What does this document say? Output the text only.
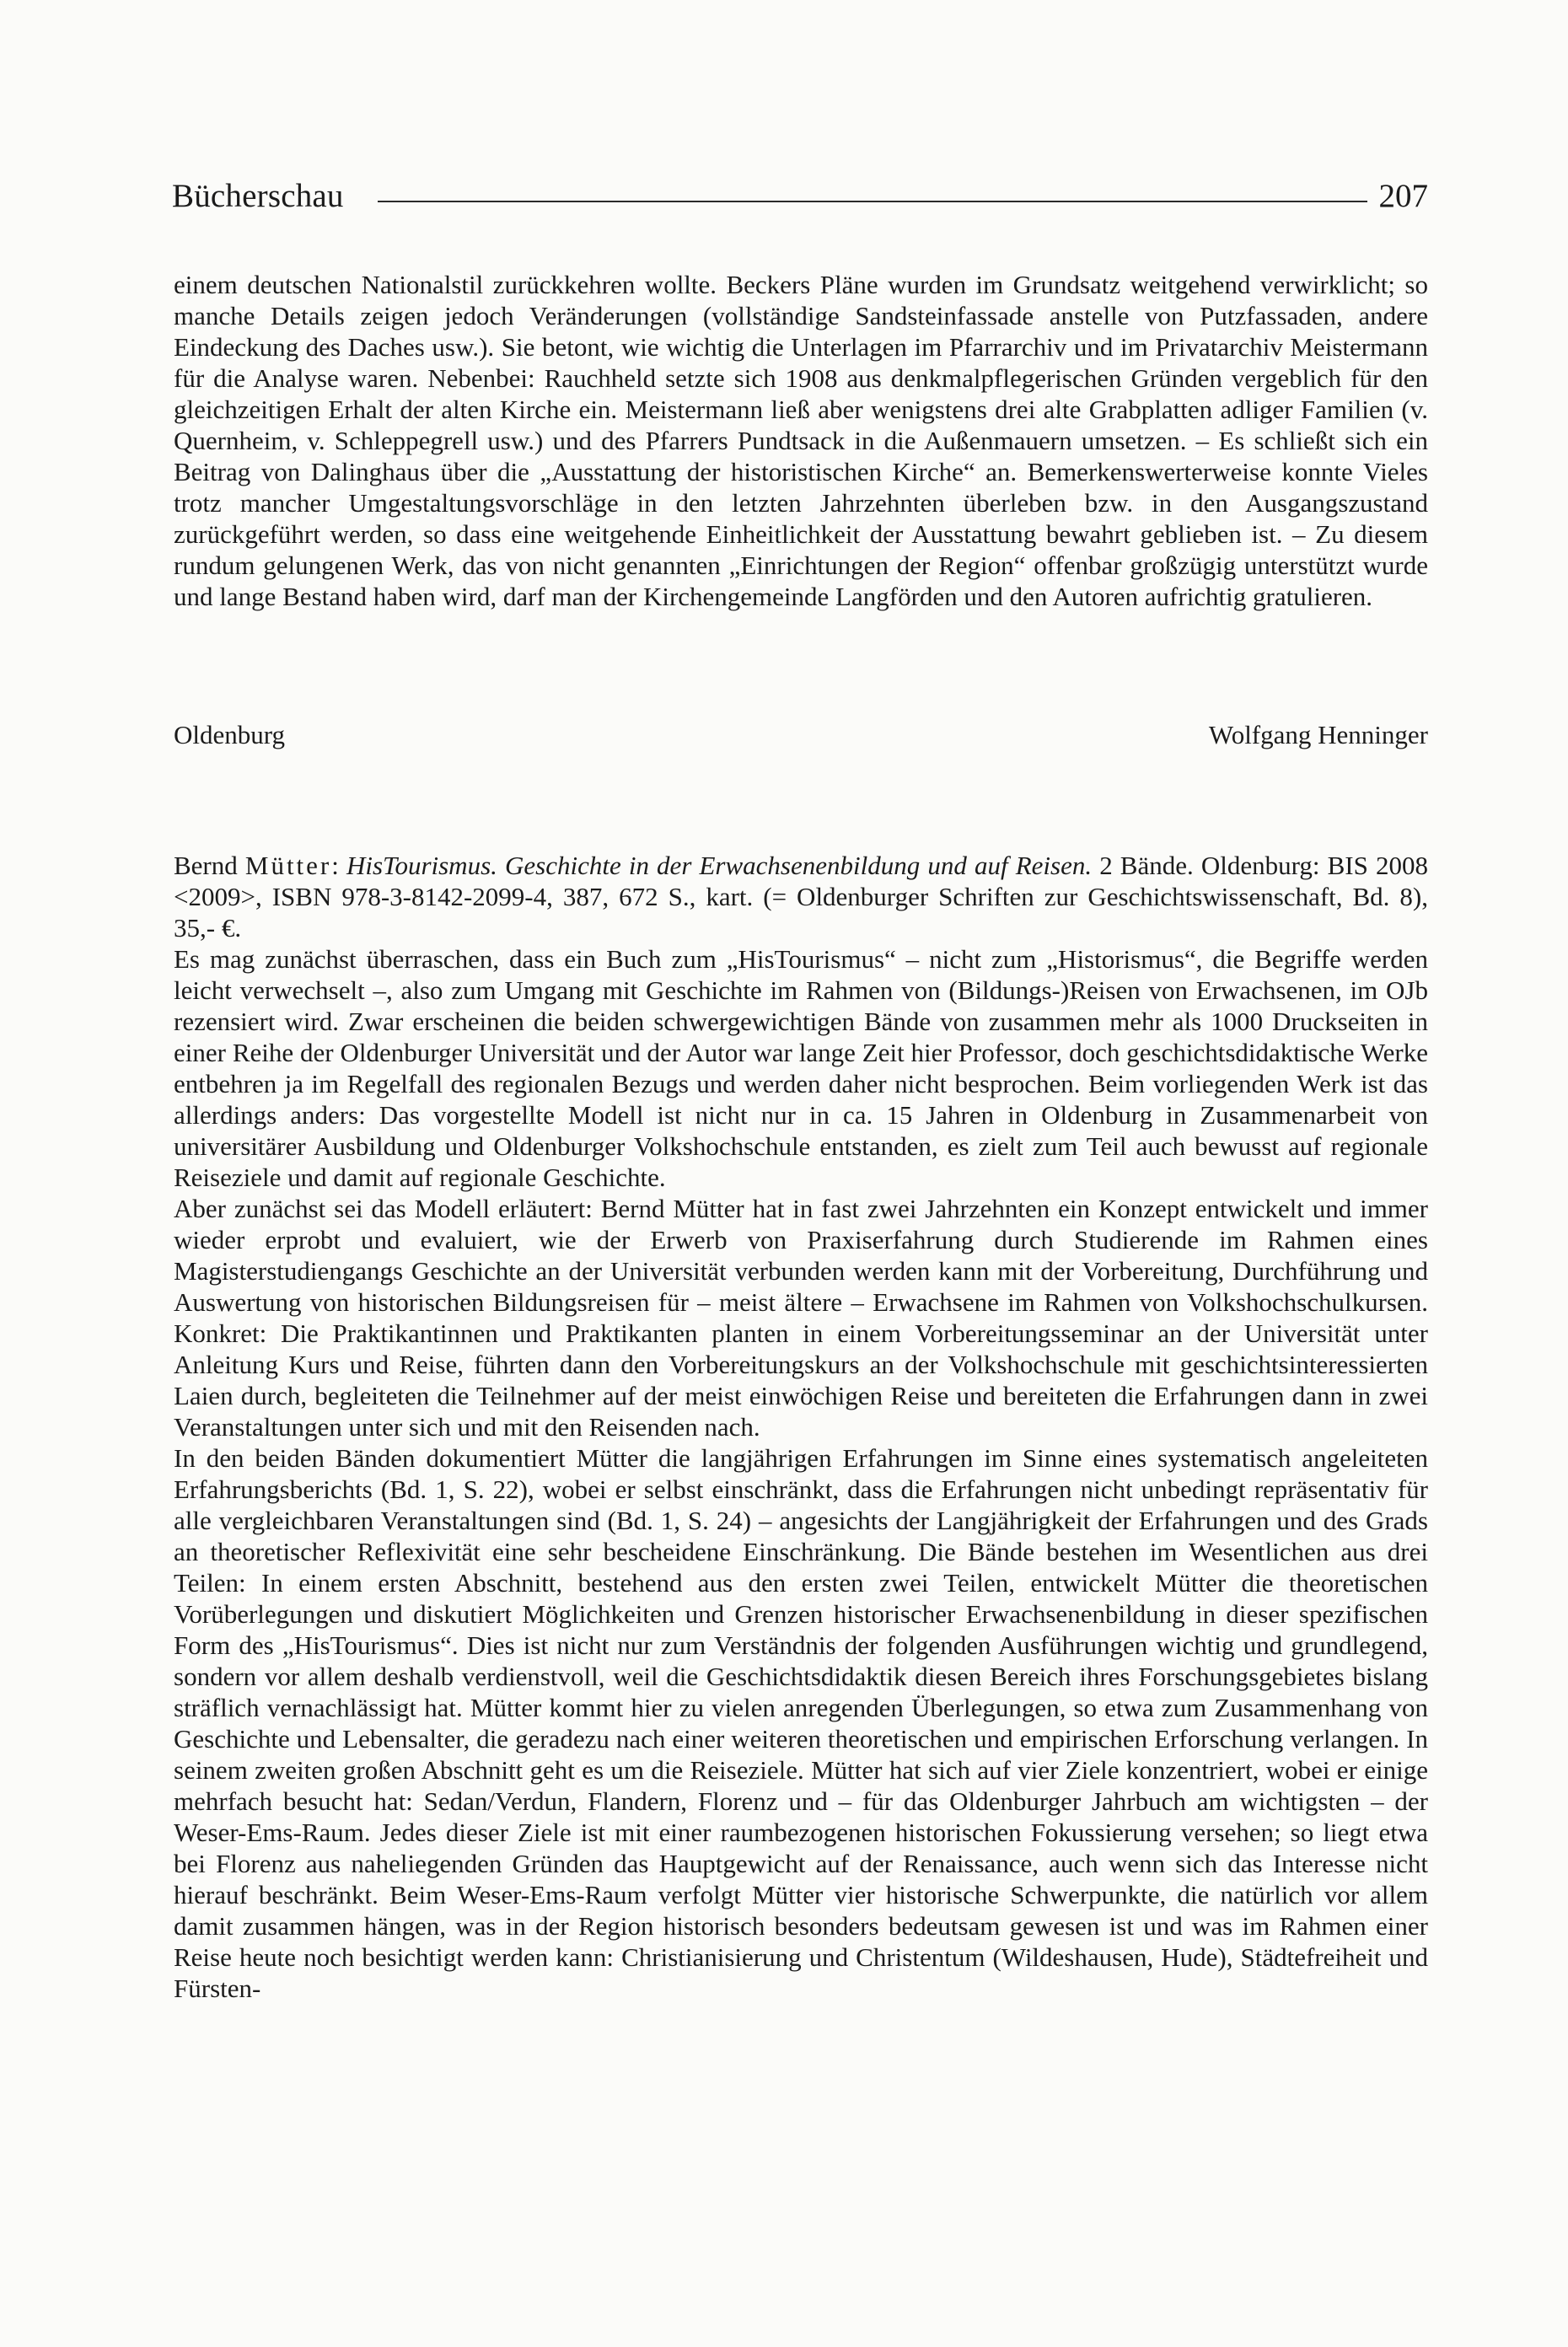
Bücherschau	207

einem deutschen Nationalstil zurückkehren wollte. Beckers Pläne wurden im Grundsatz weitgehend verwirklicht; so manche Details zeigen jedoch Veränderungen (vollständige Sandsteinfassade anstelle von Putzfassaden, andere Eindeckung des Daches usw.). Sie betont, wie wichtig die Unterlagen im Pfarrarchiv und im Privatarchiv Meistermann für die Analyse waren. Nebenbei: Rauchheld setzte sich 1908 aus denkmalpflegerischen Gründen vergeblich für den gleichzeitigen Erhalt der alten Kirche ein. Meistermann ließ aber wenigstens drei alte Grabplatten adliger Familien (v. Quernheim, v. Schleppegrell usw.) und des Pfarrers Pundtsack in die Außenmauern umsetzen. – Es schließt sich ein Beitrag von Dalinghaus über die „Ausstattung der historistischen Kirche“ an. Bemerkenswerterweise konnte Vieles trotz mancher Umgestaltungsvorschläge in den letzten Jahrzehnten überleben bzw. in den Ausgangszustand zurückgeführt werden, so dass eine weitgehende Einheitlichkeit der Ausstattung bewahrt geblieben ist. – Zu diesem rundum gelungenen Werk, das von nicht genannten „Einrichtungen der Region“ offenbar großzügig unterstützt wurde und lange Bestand haben wird, darf man der Kirchengemeinde Langförden und den Autoren aufrichtig gratulieren.

Oldenburg	Wolfgang Henninger

Bernd Mütter: HisTourismus. Geschichte in der Erwachsenenbildung und auf Reisen. 2 Bände. Oldenburg: BIS 2008 <2009>, ISBN 978-3-8142-2099-4, 387, 672 S., kart. (= Oldenburger Schriften zur Geschichtswissenschaft, Bd. 8), 35,- €.

Es mag zunächst überraschen, dass ein Buch zum „HisTourismus“ – nicht zum „Historismus“, die Begriffe werden leicht verwechselt –, also zum Umgang mit Geschichte im Rahmen von (Bildungs-)Reisen von Erwachsenen, im OJb rezensiert wird. Zwar erscheinen die beiden schwergewichtigen Bände von zusammen mehr als 1000 Druckseiten in einer Reihe der Oldenburger Universität und der Autor war lange Zeit hier Professor, doch geschichtsdidaktische Werke entbehren ja im Regelfall des regionalen Bezugs und werden daher nicht besprochen. Beim vorliegenden Werk ist das allerdings anders: Das vorgestellte Modell ist nicht nur in ca. 15 Jahren in Oldenburg in Zusammenarbeit von universitärer Ausbildung und Oldenburger Volkshochschule entstanden, es zielt zum Teil auch bewusst auf regionale Reiseziele und damit auf regionale Geschichte.

Aber zunächst sei das Modell erläutert: Bernd Mütter hat in fast zwei Jahrzehnten ein Konzept entwickelt und immer wieder erprobt und evaluiert, wie der Erwerb von Praxiserfahrung durch Studierende im Rahmen eines Magisterstudiengangs Geschichte an der Universität verbunden werden kann mit der Vorbereitung, Durchführung und Auswertung von historischen Bildungsreisen für – meist ältere – Erwachsene im Rahmen von Volkshochschulkursen. Konkret: Die Praktikantinnen und Praktikanten planten in einem Vorbereitungsseminar an der Universität unter Anleitung Kurs und Reise, führten dann den Vorbereitungskurs an der Volkshochschule mit geschichtsinteressierten Laien durch, begleiteten die Teilnehmer auf der meist einwöchigen Reise und bereiteten die Erfahrungen dann in zwei Veranstaltungen unter sich und mit den Reisenden nach.

In den beiden Bänden dokumentiert Mütter die langjährigen Erfahrungen im Sinne eines systematisch angeleiteten Erfahrungsberichts (Bd. 1, S. 22), wobei er selbst einschränkt, dass die Erfahrungen nicht unbedingt repräsentativ für alle vergleichbaren Veranstaltungen sind (Bd. 1, S. 24) – angesichts der Langjährigkeit der Erfahrungen und des Grads an theoretischer Reflexivität eine sehr bescheidene Einschränkung. Die Bände bestehen im Wesentlichen aus drei Teilen: In einem ersten Abschnitt, bestehend aus den ersten zwei Teilen, entwickelt Mütter die theoretischen Vorüberlegungen und diskutiert Möglichkeiten und Grenzen historischer Erwachsenenbildung in dieser spezifischen Form des „HisTourismus“. Dies ist nicht nur zum Verständnis der folgenden Ausführungen wichtig und grundlegend, sondern vor allem deshalb verdienstvoll, weil die Geschichtsdidaktik diesen Bereich ihres Forschungsgebietes bislang sträflich vernachlässigt hat. Mütter kommt hier zu vielen anregenden Überlegungen, so etwa zum Zusammenhang von Geschichte und Lebensalter, die geradezu nach einer weiteren theoretischen und empirischen Erforschung verlangen. In seinem zweiten großen Abschnitt geht es um die Reiseziele. Mütter hat sich auf vier Ziele konzentriert, wobei er einige mehrfach besucht hat: Sedan/Verdun, Flandern, Florenz und – für das Oldenburger Jahrbuch am wichtigsten – der Weser-Ems-Raum. Jedes dieser Ziele ist mit einer raumbezogenen historischen Fokussierung versehen; so liegt etwa bei Florenz aus naheliegenden Gründen das Hauptgewicht auf der Renaissance, auch wenn sich das Interesse nicht hierauf beschränkt. Beim Weser-Ems-Raum verfolgt Mütter vier historische Schwerpunkte, die natürlich vor allem damit zusammen hängen, was in der Region historisch besonders bedeutsam gewesen ist und was im Rahmen einer Reise heute noch besichtigt werden kann: Christianisierung und Christentum (Wildeshausen, Hude), Städtefreiheit und Fürsten-
